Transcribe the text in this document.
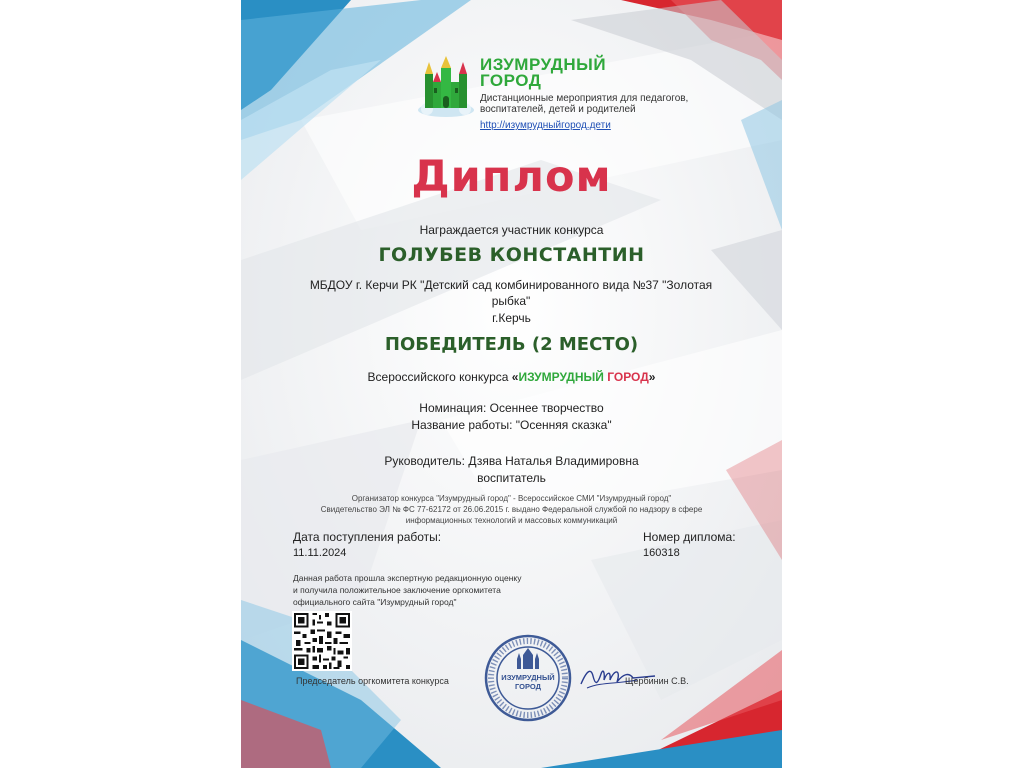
ИЗУМРУДНЫЙ
ГОРОД
Дистанционные мероприятия для педагогов,
воспитателей, детей и родителей
http://изумрудныйгород.дети
Диплом
Награждается участник конкурса
ГОЛУБЕВ КОНСТАНТИН
МБДОУ г. Керчи РК "Детский сад комбинированного вида №37 "Золотая рыбка"
г.Керчь
ПОБЕДИТЕЛЬ (2 МЕСТО)
Всероссийского конкурса «ИЗУМРУДНЫЙ ГОРОД»
Номинация: Осеннее творчество
Название работы: "Осенняя сказка"
Руководитель: Дзява Наталья Владимировна
воспитатель
Организатор конкурса "Изумрудный город" - Всероссийское СМИ "Изумрудный город"
Свидетельство ЭЛ № ФС 77-62172 от 26.06.2015 г. выдано Федеральной службой по надзору в сфере
информационных технологий и массовых коммуникаций
Дата поступления работы:
11.11.2024
Номер диплома:
160318
Данная работа прошла экспертную редакционную оценку
и получила положительное заключение оргкомитета
официального сайта "Изумрудный город"
Председатель оргкомитета конкурса	ИЗУМРУДНЫЙ
ГОРОД
Щербинин С.В.
